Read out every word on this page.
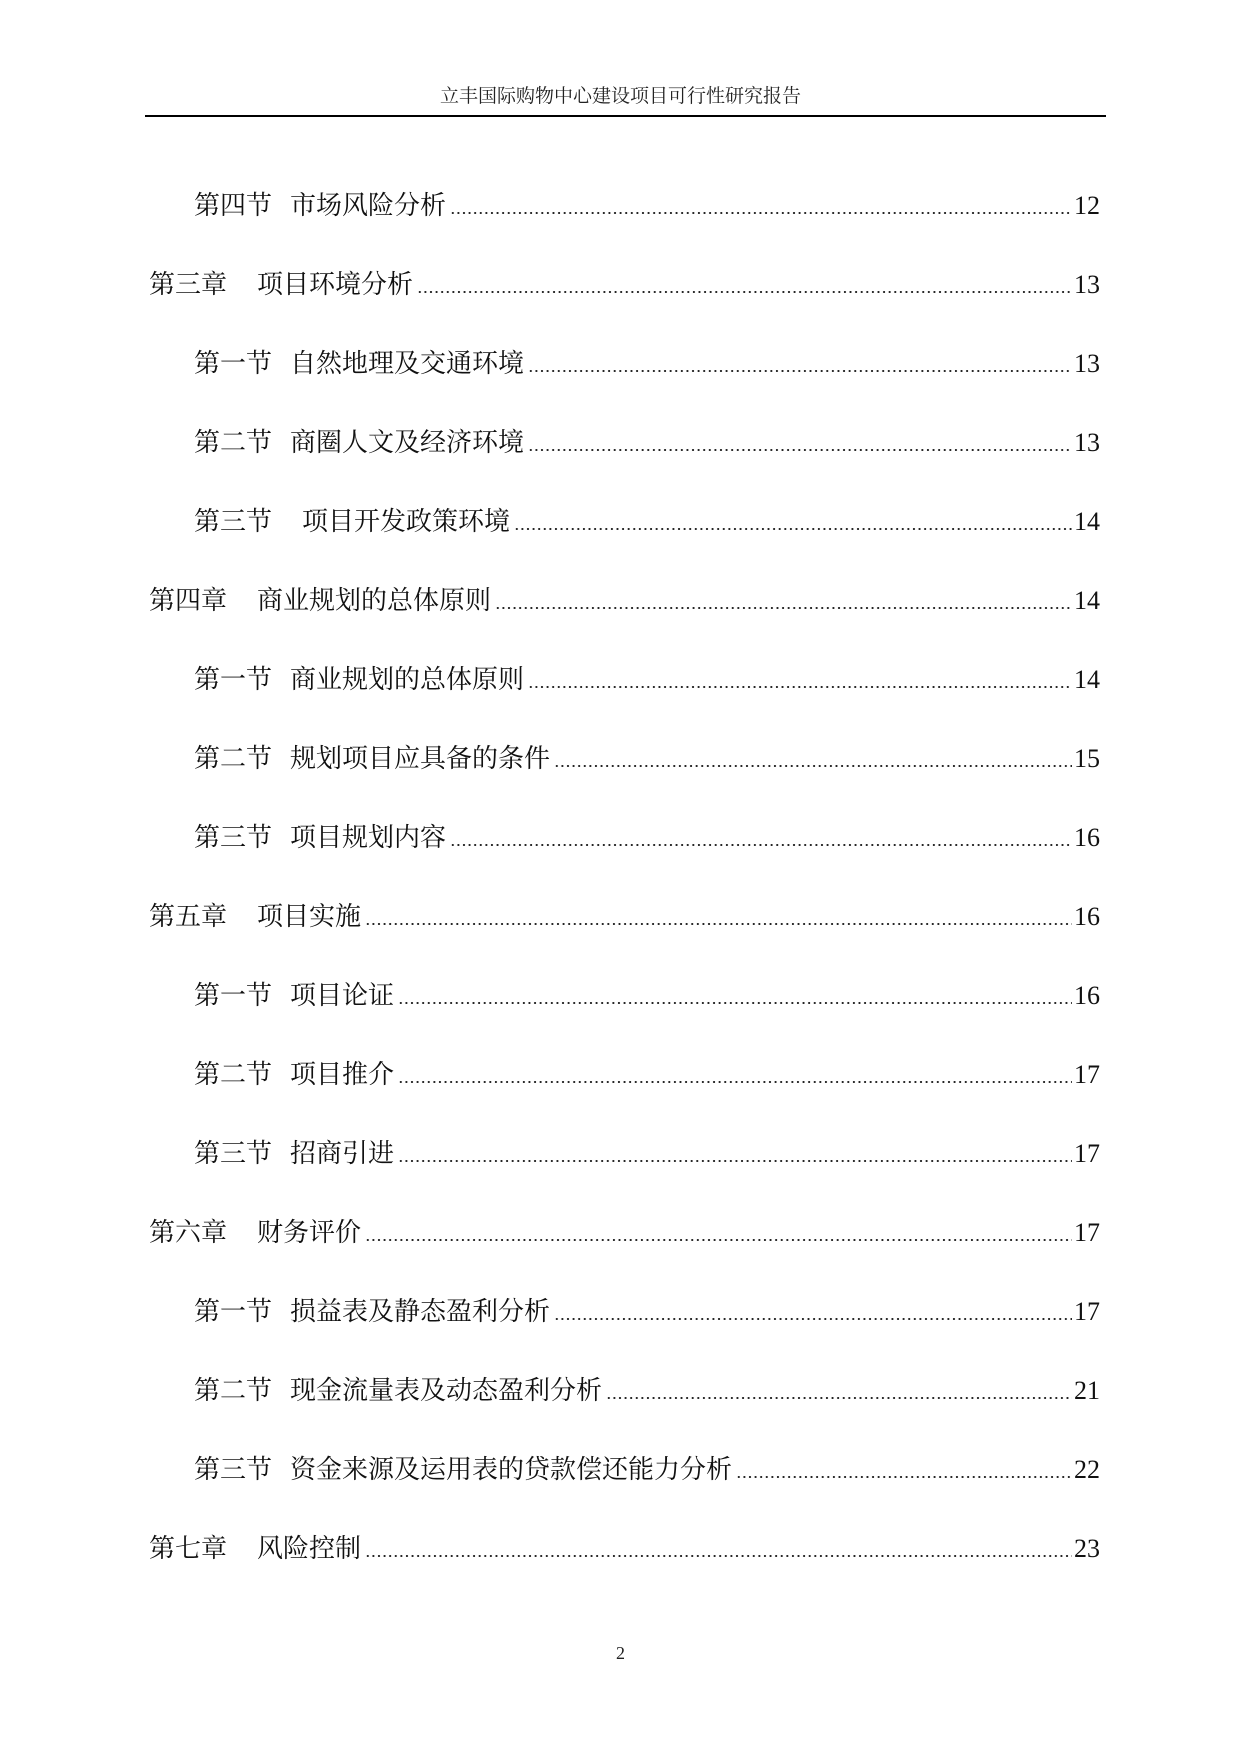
立丰国际购物中心建设项目可行性研究报告
第四节 市场风险分析	12
第三章 项目环境分析	13
第一节 自然地理及交通环境	13
第二节 商圈人文及经济环境	13
第三节 项目开发政策环境	14
第四章 商业规划的总体原则	14
第一节 商业规划的总体原则	14
第二节 规划项目应具备的条件	15
第三节 项目规划内容	16
第五章 项目实施	16
第一节 项目论证	16
第二节 项目推介	17
第三节 招商引进	17
第六章 财务评价	17
第一节 损益表及静态盈利分析	17
第二节 现金流量表及动态盈利分析	21
第三节 资金来源及运用表的贷款偿还能力分析	22
第七章 风险控制	23
2
